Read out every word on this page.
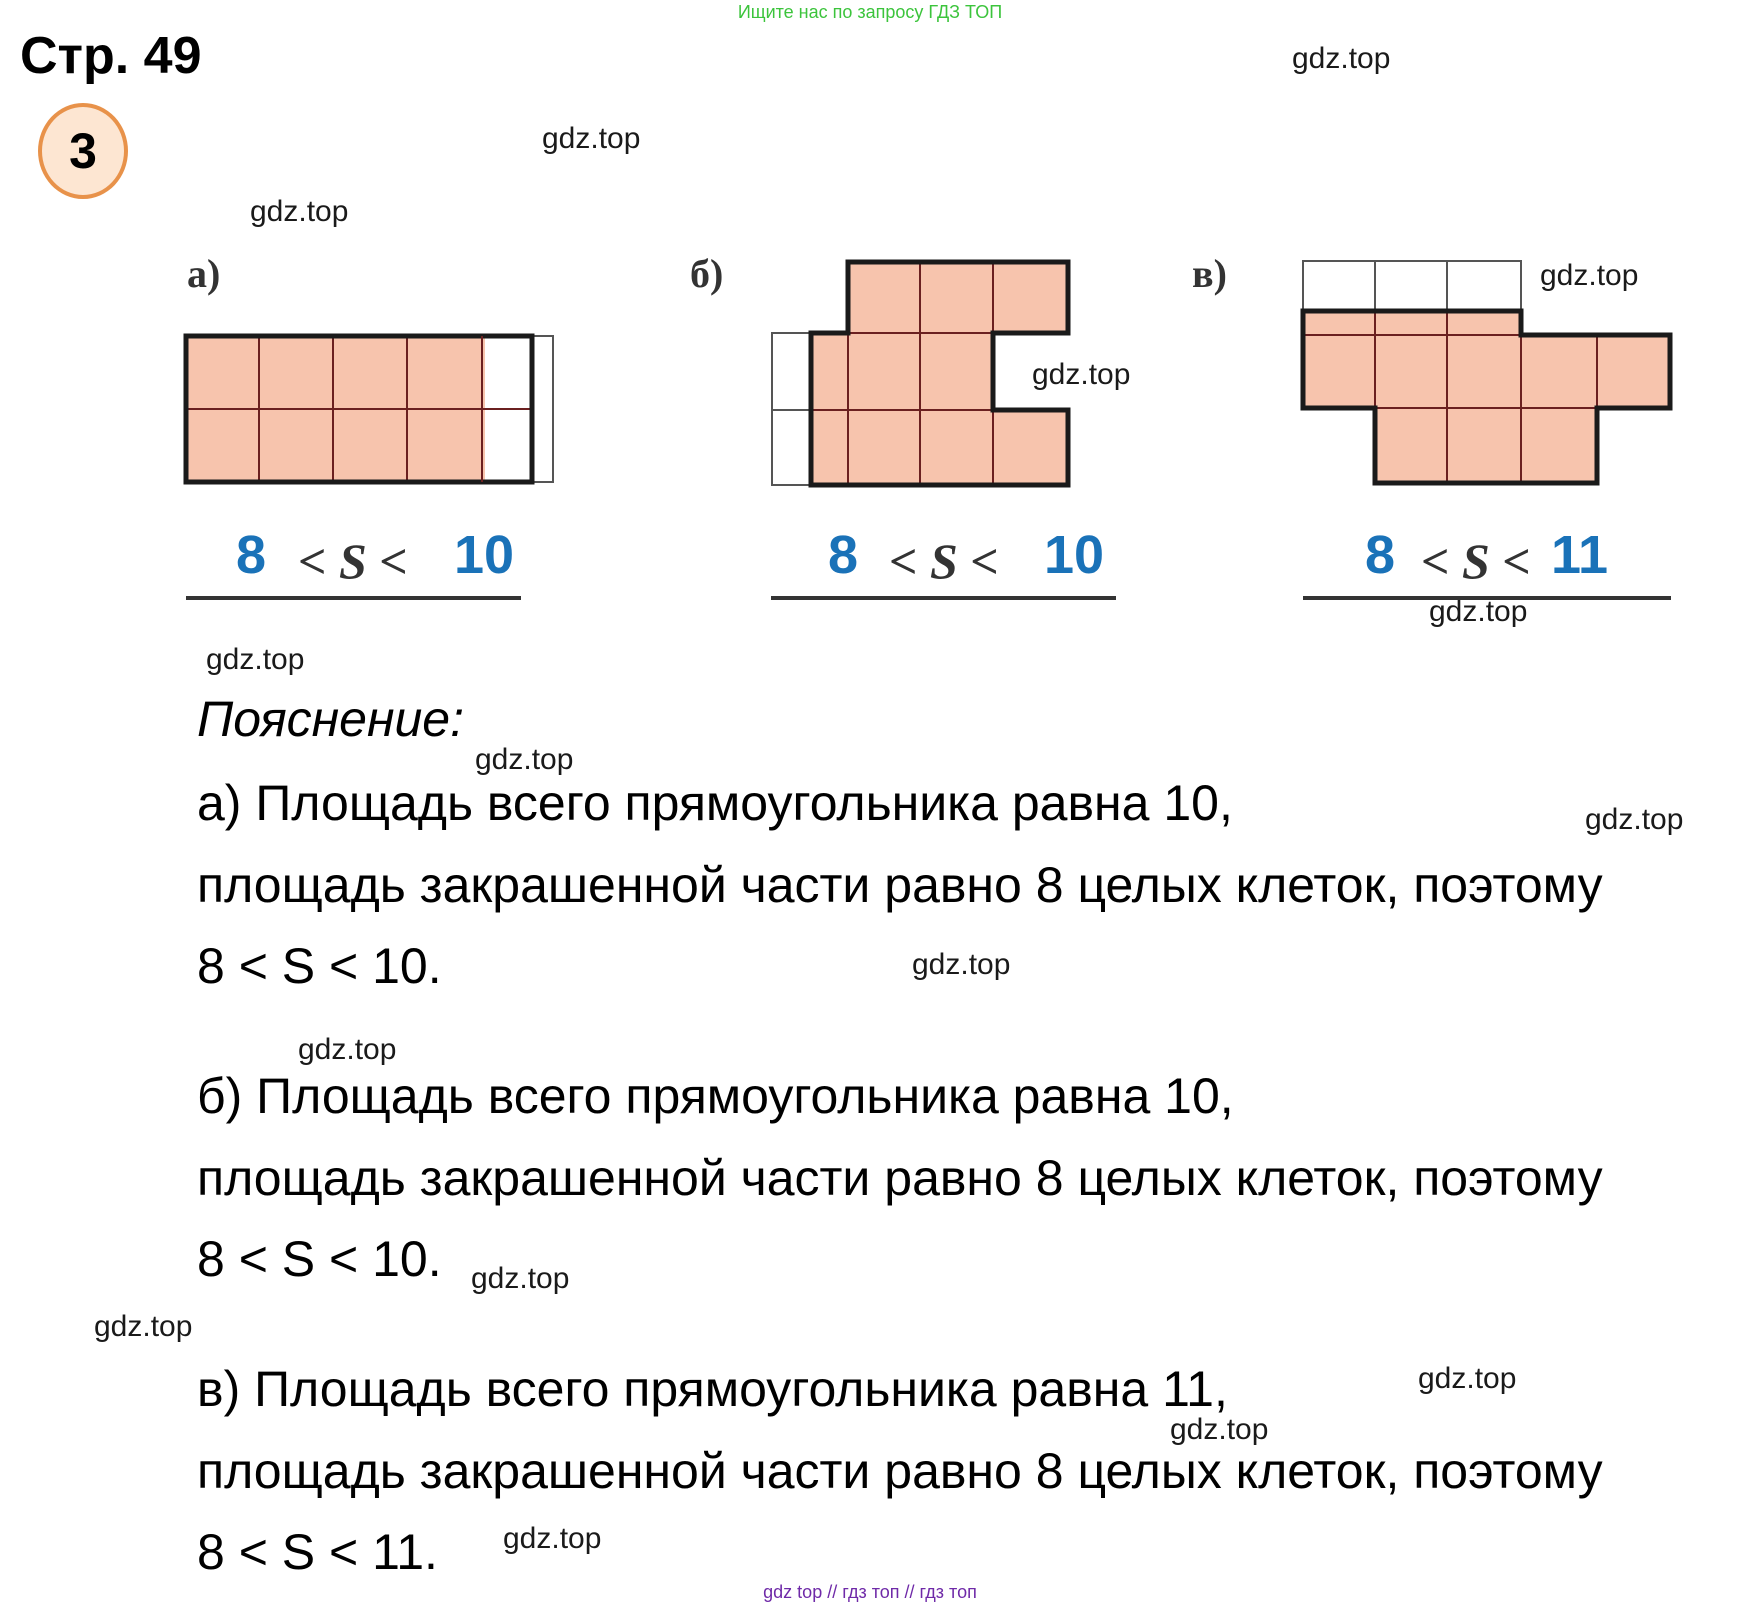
Ищите нас по запросу ГДЗ ТОП
Стр. 49
3
gdz.top
gdz.top
gdz.top
gdz.top
gdz.top
gdz.top
gdz.top
gdz.top
gdz.top
gdz.top
gdz.top
gdz.top
gdz.top
gdz.top
gdz.top
gdz.top
а)	б)	в)
8 < S < 10	8 < S < 10	8 < S < 11
Пояснение:
а) Площадь всего прямоугольника равна 10,
площадь закрашенной части равно 8 целых клеток, поэтому
8 < S < 10.
б) Площадь всего прямоугольника равна 10,
площадь закрашенной части равно 8 целых клеток, поэтому
8 < S < 10.
в) Площадь всего прямоугольника равна 11,
площадь закрашенной части равно 8 целых клеток, поэтому
8 < S < 11.
gdz top // гдз топ // гдз топ
